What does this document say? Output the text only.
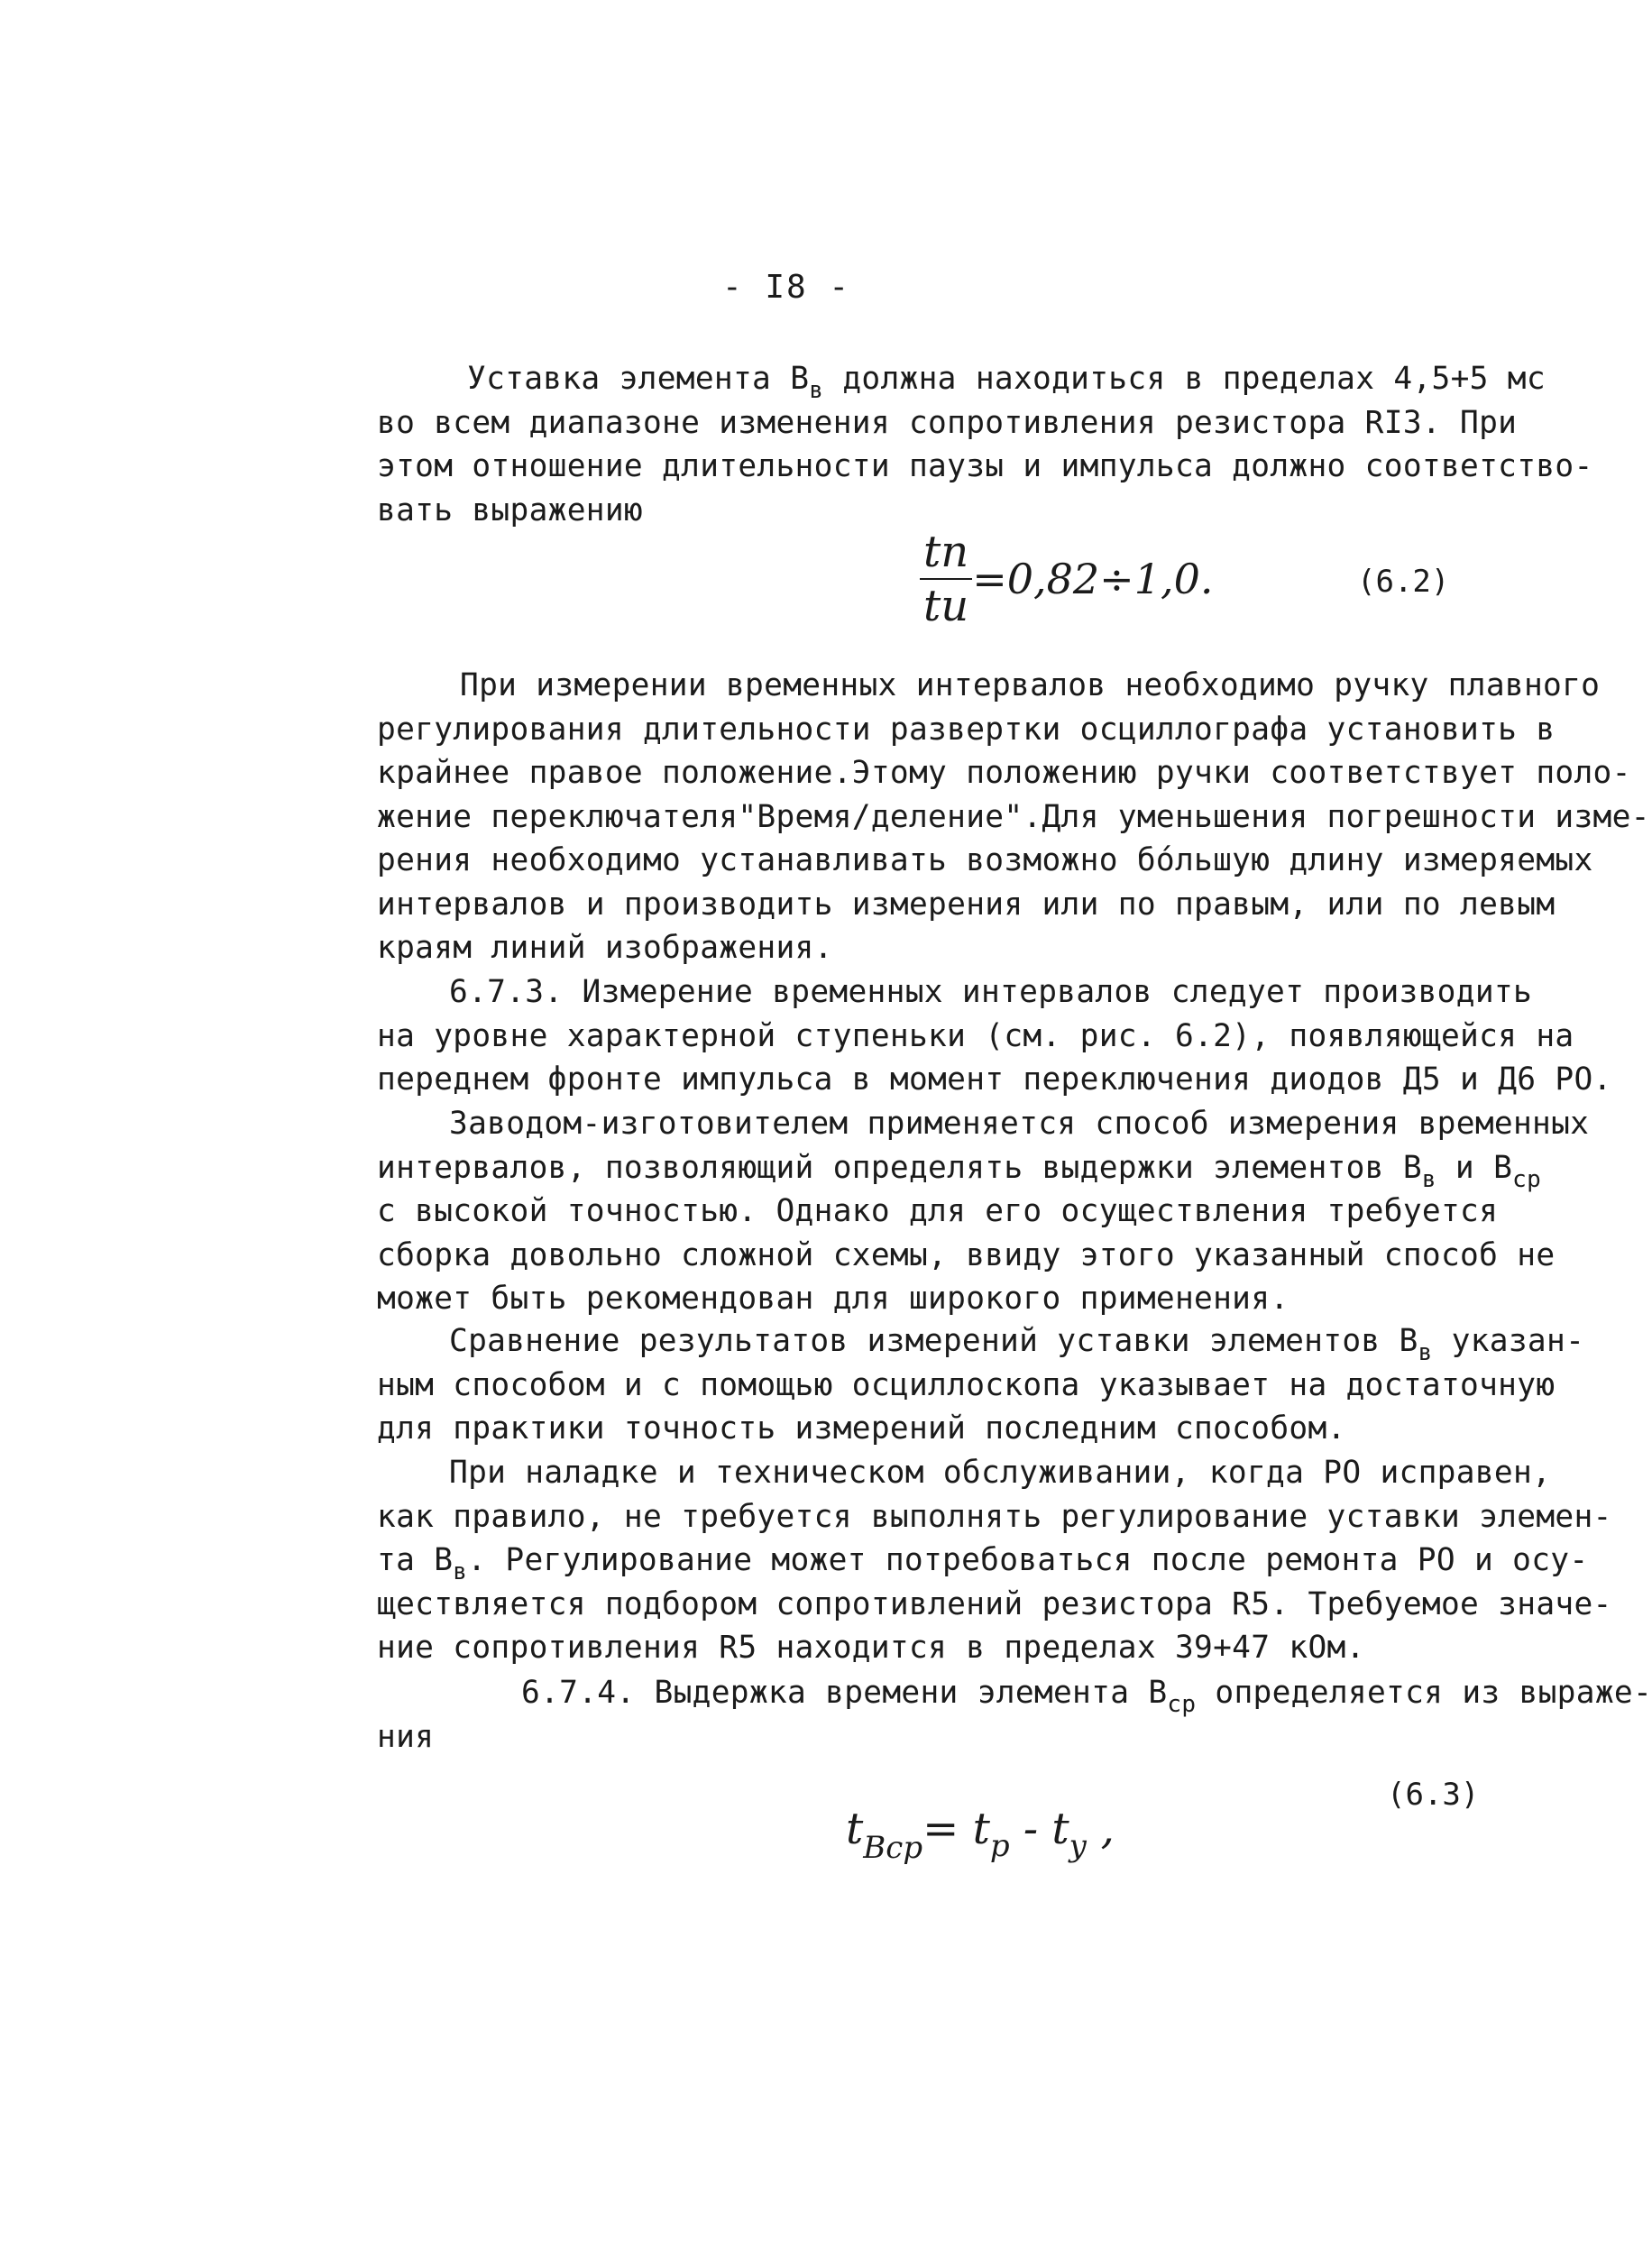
- I8 -
Уставка элемента $В_в$ должна находиться в пределах 4,5+5 мс
во всем диапазоне изменения сопротивления резистора RI3. При
этом отношение длительности паузы и импульса должно соответство-
вать выражению
$\frac{tп}{tи} =0,82\div 1,0$.	(6.2)
При измерении временных интервалов необходимо ручку плавного
регулирования длительности развертки осциллографа установить в
крайнее правое положение.Этому положению ручки соответствует поло-
жение переключателя"Время/деление".Для уменьшения погрешности изме-
рения необходимо устанавливать возможно бóльшую длину измеряемых
интервалов и производить измерения или по правым, или по левым
краям линий изображения.
6.7.3. Измерение временных интервалов следует производить
на уровне характерной ступеньки (см. рис. 6.2), появляющейся на
переднем фронте импульса в момент переключения диодов Д5 и Д6 РО.
Заводом-изготовителем применяется способ измерения временных
интервалов, позволяющий определять выдержки элементов $В_в$ и $В_{ср}$
с высокой точностью. Однако для его осуществления требуется
сборка довольно сложной схемы, ввиду этого указанный способ не
может быть рекомендован для широкого применения.
Сравнение результатов измерений уставки элементов $В_в$ указан-
ным способом и с помощью осциллоскопа указывает на достаточную
для практики точность измерений последним способом.
При наладке и техническом обслуживании, когда РО исправен,
как правило, не требуется выполнять регулирование уставки элемен-
та $В_в$. Регулирование может потребоваться после ремонта РО и осу-
ществляется подбором сопротивлений резистора R5. Требуемое значе-
ние сопротивления R5 находится в пределах 39+47 кОм.
6.7.4. Выдержка времени элемента $В_{ср}$ определяется из выраже-
ния
$t_{Вср}= t_р - t_у$ ,
(6.3)
